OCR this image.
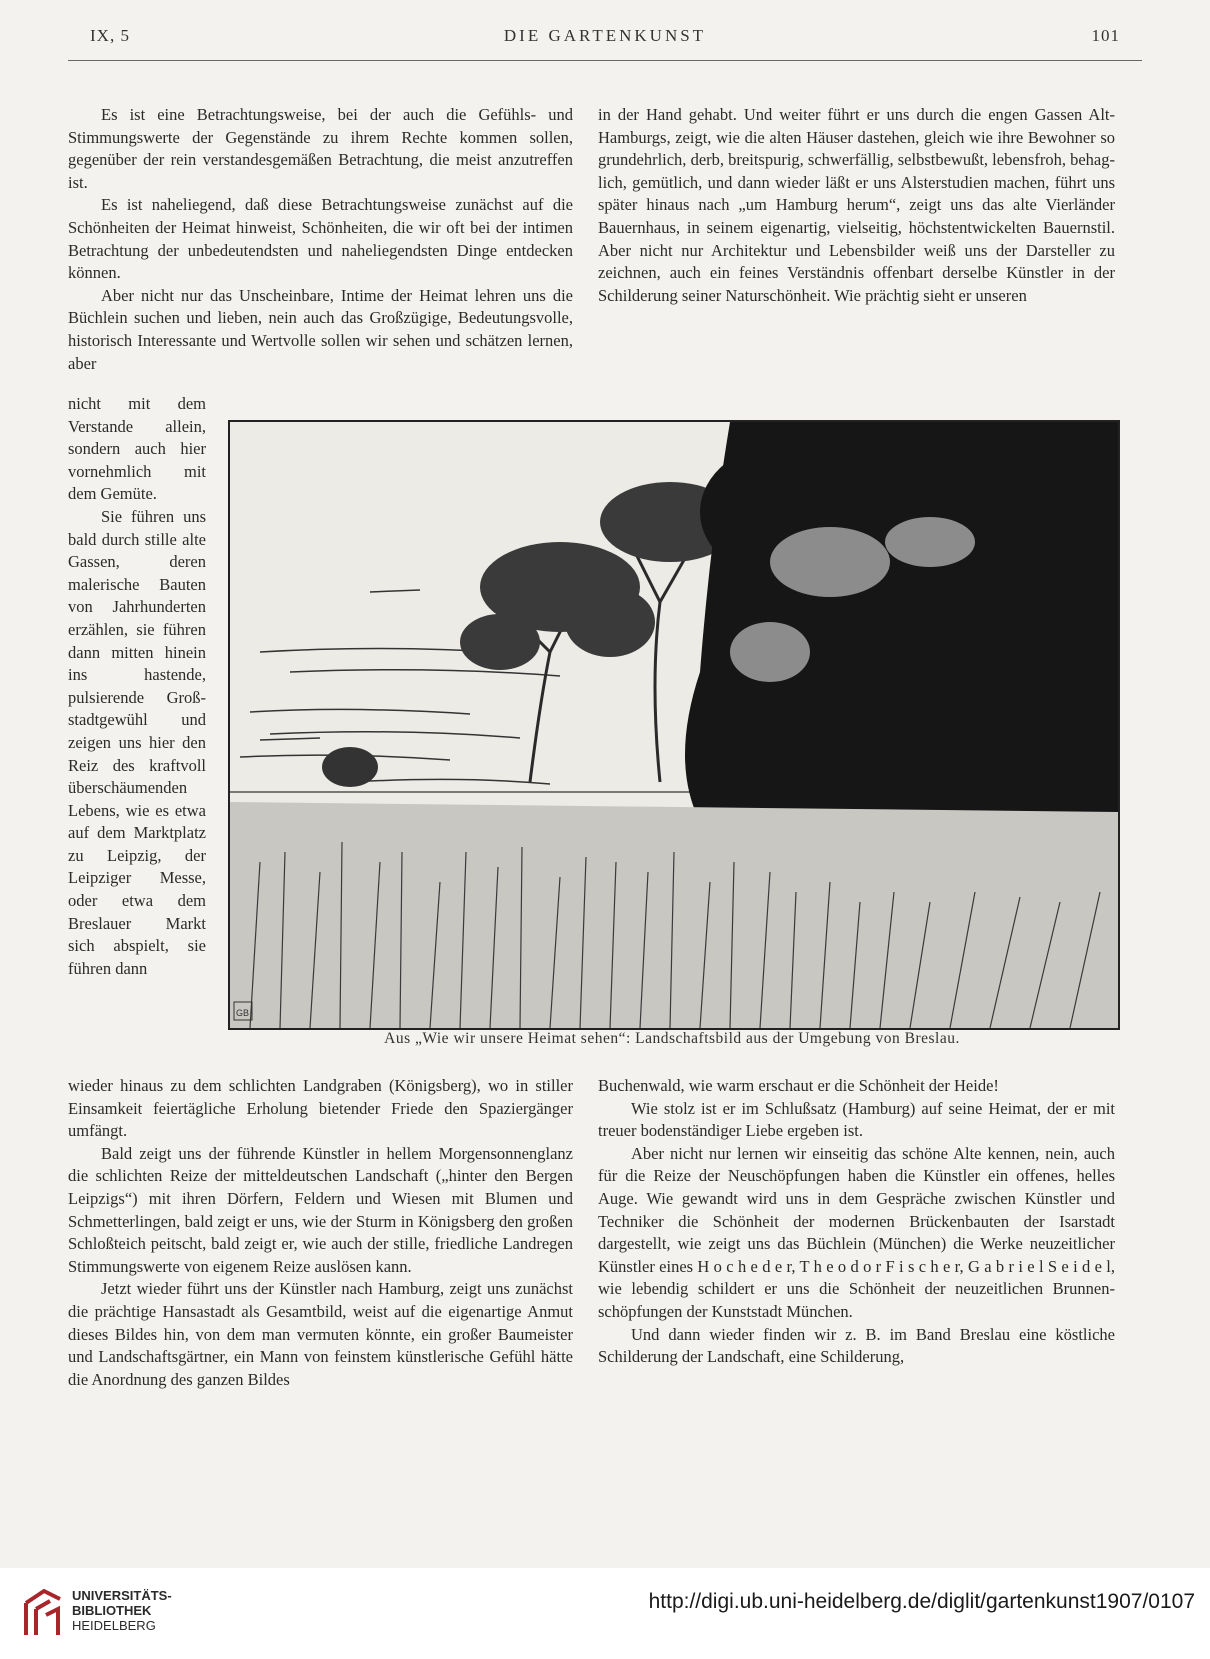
DIE GARTENKUNST
IX, 5	101

Es ist eine Betrachtungsweise, bei der auch die Gefühls- und Stimmungswerte der Gegenstände zu ihrem Rechte kommen sollen, gegenüber der rein verstandesgemäßen Betrachtung, die meist anzutreffen ist.

Es ist naheliegend, daß diese Betrachtungsweise zunächst auf die Schönheiten der Heimat hinweist, Schönheiten, die wir oft bei der intimen Betrachtung der unbedeutendsten und naheliegendsten Dinge entdecken können.

Aber nicht nur das Unscheinbare, Intime der Heimat lehren uns die Büchlein suchen und lieben, nein auch das Großzügige, Bedeutungsvolle, historisch Interessante und Wertvolle sollen wir sehen und schätzen lernen, aber

nicht mit dem Verstande allein, sondern auch hier vornehmlich mit dem Gemüte.

Sie führen uns bald durch stille alte Gassen, deren malerische Bauten von Jahrhunderten erzählen, sie führen dann mitten hinein ins hastende, pulsierende Großstadtgewühl und zeigen uns hier den Reiz des kraftvoll überschäumenden Lebens, wie es etwa auf dem Marktplatz zu Leipzig, der Leipziger Messe, oder etwa dem Breslauer Markt sich abspielt, sie führen dann

in der Hand gehabt. Und weiter führt er uns durch die engen Gassen Alt-Hamburgs, zeigt, wie die alten Häuser dastehen, gleich wie ihre Bewohner so grundehrlich, derb, breitspurig, schwerfällig, selbstbewußt, lebensfroh, behaglich, gemütlich, und dann wieder läßt er uns Alsterstudien machen, führt uns später hinaus nach „um Hamburg herum“, zeigt uns das alte Vierländer Bauernhaus, in seinem eigenartig, vielseitig, höchstentwickelten Bauernstil. Aber nicht nur Architektur und Lebensbilder weiß uns der Darsteller zu zeichnen, auch ein feines Verständnis offenbart derselbe Künstler in der Schilderung seiner Naturschönheit. Wie prächtig sieht er unseren

GB
Aus „Wie wir unsere Heimat sehen“: Landschaftsbild aus der Umgebung von Breslau.

wieder hinaus zu dem schlichten Landgraben (Königsberg), wo in stiller Einsamkeit feiertägliche Erholung bietender Friede den Spaziergänger umfängt.

Bald zeigt uns der führende Künstler in hellem Morgensonnenglanz die schlichten Reize der mitteldeutschen Landschaft („hinter den Bergen Leipzigs“) mit ihren Dörfern, Feldern und Wiesen mit Blumen und Schmetterlingen, bald zeigt er uns, wie der Sturm in Königsberg den großen Schloßteich peitscht, bald zeigt er, wie auch der stille, friedliche Landregen Stimmungswerte von eigenem Reize auslösen kann.

Jetzt wieder führt uns der Künstler nach Hamburg, zeigt uns zunächst die prächtige Hansastadt als Gesamtbild, weist auf die eigenartige Anmut dieses Bildes hin, von dem man vermuten könnte, ein großer Baumeister und Landschaftsgärtner, ein Mann von feinstem künstlerische Gefühl hätte die Anordnung des ganzen Bildes

Buchenwald, wie warm erschaut er die Schönheit der Heide!

Wie stolz ist er im Schlußsatz (Hamburg) auf seine Heimat, der er mit treuer bodenständiger Liebe ergeben ist.

Aber nicht nur lernen wir einseitig das schöne Alte kennen, nein, auch für die Reize der Neuschöpfungen haben die Künstler ein offenes, helles Auge. Wie gewandt wird uns in dem Gespräche zwischen Künstler und Techniker die Schönheit der modernen Brückenbauten der Isarstadt dargestellt, wie zeigt uns das Büchlein (München) die Werke neuzeitlicher Künstler eines H o c h e d e r, T h e o d o r F i s c h e r, G a b r i e l S e i d e l, wie lebendig schildert er uns die Schönheit der neuzeitlichen Brunnenschöpfungen der Kunststadt München.

Und dann wieder finden wir z. B. im Band Breslau eine köstliche Schilderung der Landschaft, eine Schilderung,

UNIVERSITÄTS-
BIBLIOTHEK
HEIDELBERG
http://digi.ub.uni-heidelberg.de/diglit/gartenkunst1907/0107
